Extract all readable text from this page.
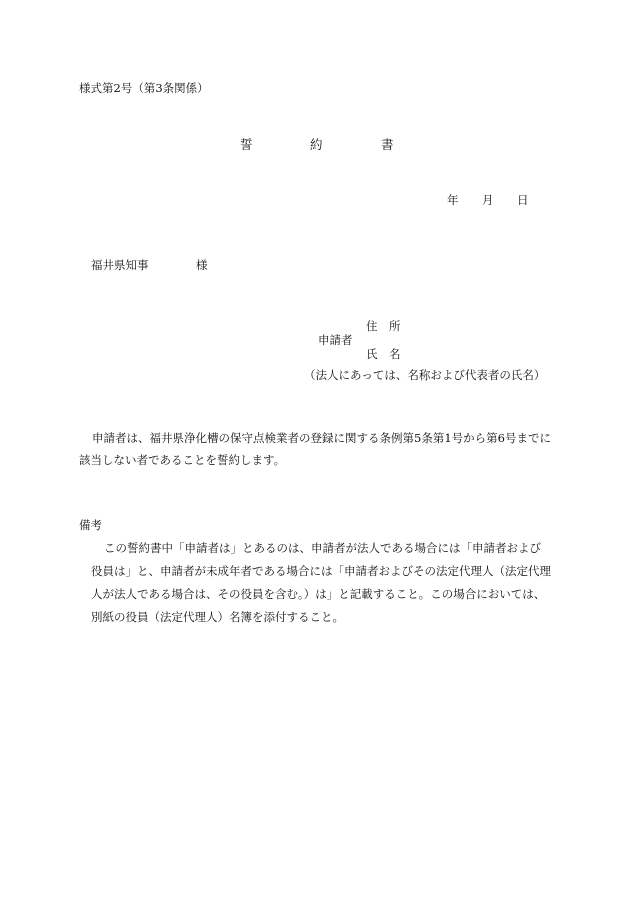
様式第2号（第3条関係）
誓	約	書
年 月 日
福井県知事	様
住　所
申請者
氏　名
（法人にあっては、名称および代表者の氏名）
申請者は、福井県浄化槽の保守点検業者の登録に関する条例第5条第1号から第6号までに
該当しない者であることを誓約します。
備考
この誓約書中「申請者は」とあるのは、申請者が法人である場合には「申請者および
役員は」と、申請者が未成年者である場合には「申請者およびその法定代理人（法定代理
人が法人である場合は、その役員を含む。）は」と記載すること。この場合においては、
別紙の役員（法定代理人）名簿を添付すること。
